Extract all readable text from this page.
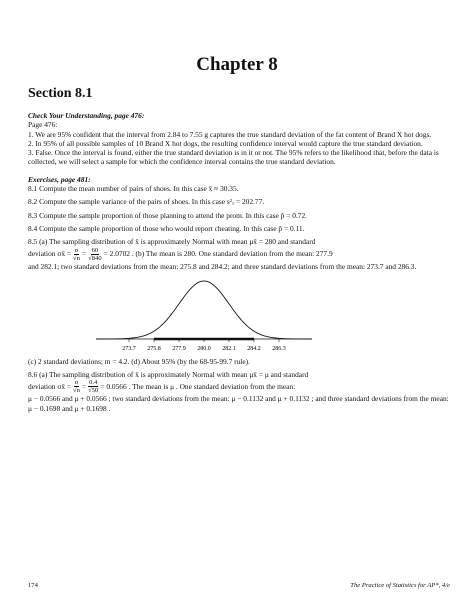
Chapter 8
Section 8.1

Check Your Understanding, page 476:

Page 476:

1. We are 95% confident that the interval from 2.84 to 7.55 g captures the true standard deviation of the fat content of Brand X hot dogs.

2. In 95% of all possible samples of 10 Brand X hot dogs, the resulting confidence interval would capture the true standard deviation.

3. False. Once the interval is found, either the true standard deviation is in it or not. The 95% refers to the likelihood that, before the data is collected, we will select a sample for which the confidence interval contains the true standard deviation.

Exercises, page 481:

8.1 Compute the mean number of pairs of shoes. In this case x̄ ≈ 30.35.

8.2 Compute the sample variance of the pairs of shoes. In this case s²ₓ = 202.77.

8.3 Compute the sample proportion of those planning to attend the prom. In this case p̂ = 0.72.

8.4 Compute the sample proportion of those who would report cheating. In this case p̂ = 0.11.

8.5 (a) The sampling distribution of x̄ is approximately Normal with mean μx̄ = 280 and standard

deviation σx̄ = $\frac{\sigma}{√n} = \frac{60}{√840} = 2.0702$ . (b) The mean is 280. One standard deviation from the mean: 277.9

and 282.1; two standard deviations from the mean: 275.8 and 284.2; and three standard deviations from the mean: 273.7 and 286.3.

273.7 275.8 277.9 280.0 282.1 284.2 286.3

(c) 2 standard deviations; m = 4.2. (d) About 95% (by the 68-95-99.7 rule).

8.6 (a) The sampling distribution of x̄ is approximately Normal with mean μx̄ = μ and standard

deviation σx̄ = $\frac{\sigma}{√n} = \frac{0.4}{√50} = 0.0566$ . The mean is μ . One standard deviation from the mean:

μ − 0.0566 and μ + 0.0566 ; two standard deviations from the mean: μ − 0.1132 and μ + 0.1132 ; and three standard deviations from the mean: μ − 0.1698 and μ + 0.1698 .

174	The Practice of Statistics for AP*, 4/e
